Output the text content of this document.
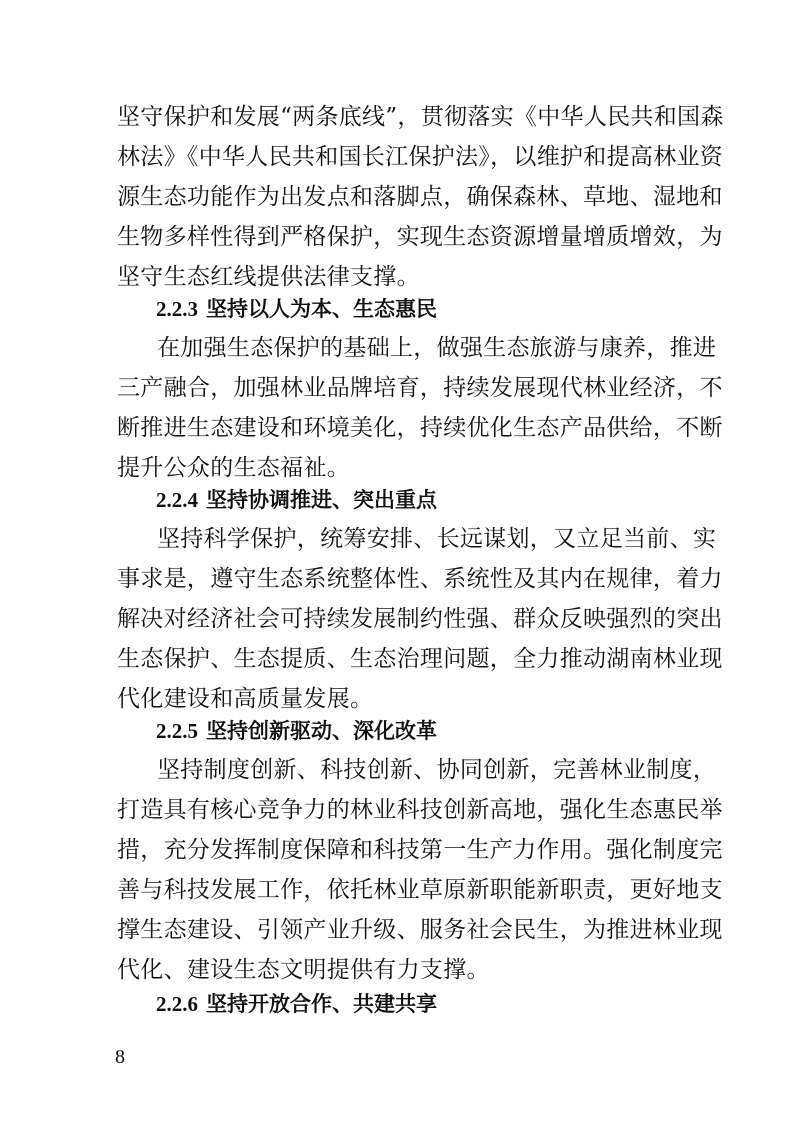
坚守保护和发展“两条底线”，贯彻落实《中华人民共和国森
林法》《中华人民共和国长江保护法》，以维护和提高林业资
源生态功能作为出发点和落脚点，确保森林、草地、湿地和
生物多样性得到严格保护，实现生态资源增量增质增效，为
坚守生态红线提供法律支撑。
2.2.3 坚持以人为本、生态惠民
在加强生态保护的基础上，做强生态旅游与康养，推进
三产融合，加强林业品牌培育，持续发展现代林业经济，不
断推进生态建设和环境美化，持续优化生态产品供给，不断
提升公众的生态福祉。
2.2.4 坚持协调推进、突出重点
坚持科学保护，统筹安排、长远谋划，又立足当前、实
事求是，遵守生态系统整体性、系统性及其内在规律，着力
解决对经济社会可持续发展制约性强、群众反映强烈的突出
生态保护、生态提质、生态治理问题，全力推动湖南林业现
代化建设和高质量发展。
2.2.5 坚持创新驱动、深化改革
坚持制度创新、科技创新、协同创新，完善林业制度，
打造具有核心竞争力的林业科技创新高地，强化生态惠民举
措，充分发挥制度保障和科技第一生产力作用。强化制度完
善与科技发展工作，依托林业草原新职能新职责，更好地支
撑生态建设、引领产业升级、服务社会民生，为推进林业现
代化、建设生态文明提供有力支撑。
2.2.6 坚持开放合作、共建共享
8
